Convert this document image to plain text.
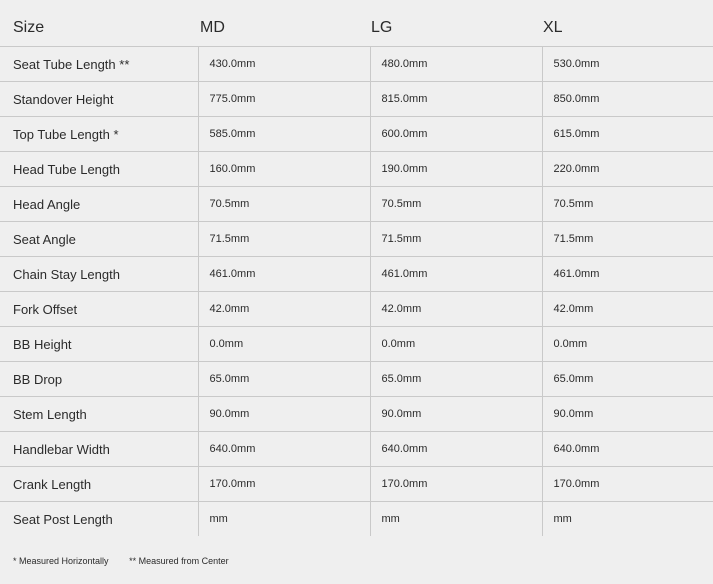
Size	MD	LG	XL
Seat Tube Length **	430.0mm	480.0mm	530.0mm
Standover Height	775.0mm	815.0mm	850.0mm
Top Tube Length *	585.0mm	600.0mm	615.0mm
Head Tube Length	160.0mm	190.0mm	220.0mm
Head Angle	70.5mm	70.5mm	70.5mm
Seat Angle	71.5mm	71.5mm	71.5mm
Chain Stay Length	461.0mm	461.0mm	461.0mm
Fork Offset	42.0mm	42.0mm	42.0mm
BB Height	0.0mm	0.0mm	0.0mm
BB Drop	65.0mm	65.0mm	65.0mm
Stem Length	90.0mm	90.0mm	90.0mm
Handlebar Width	640.0mm	640.0mm	640.0mm
Crank Length	170.0mm	170.0mm	170.0mm
Seat Post Length	mm	mm	mm
* Measured Horizontally ** Measured from Center
